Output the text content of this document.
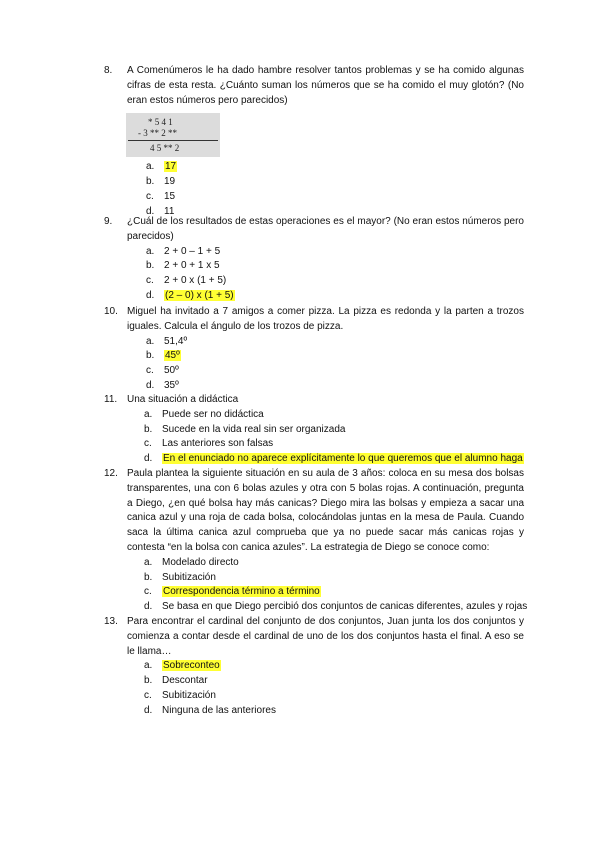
8.	A Comenúmeros le ha dado hambre resolver tantos problemas y se ha comido algunas cifras de esta resta. ¿Cuánto suman los números que se ha comido el muy glotón? (No eran estos números pero parecidos)
a. 17
b. 19
c. 15
d. 11
* 5 4 1
- 3 ** 2 **
4 5 ** 2
9.	¿Cuál de los resultados de estas operaciones es el mayor? (No eran estos números pero parecidos)
a. 2 + 0 – 1 + 5
b. 2 + 0 + 1 x 5
c. 2 + 0 x (1 + 5)
d. (2 – 0) x (1 + 5)
10. Miguel ha invitado a 7 amigos a comer pizza. La pizza es redonda y la parten a trozos iguales. Calcula el ángulo de los trozos de pizza.
a. 51,4º
b. 45º
c. 50º
d. 35º
11. Una situación a didáctica
a. Puede ser no didáctica
b. Sucede en la vida real sin ser organizada
c. Las anteriores son falsas
d. En el enunciado no aparece explícitamente lo que queremos que el alumno haga
12. Paula plantea la siguiente situación en su aula de 3 años: coloca en su mesa dos bolsas transparentes, una con 6 bolas azules y otra con 5 bolas rojas. A continuación, pregunta a Diego, ¿en qué bolsa hay más canicas? Diego mira las bolsas y empieza a sacar una canica azul y una roja de cada bolsa, colocándolas juntas en la mesa de Paula. Cuando saca la última canica azul comprueba que ya no puede sacar más canicas rojas y contesta “en la bolsa con canica azules”. La estrategia de Diego se conoce como:
a. Modelado directo
b. Subitización
c. Correspondencia término a término
d. Se basa en que Diego percibió dos conjuntos de canicas diferentes, azules y rojas
13. Para encontrar el cardinal del conjunto de dos conjuntos, Juan junta los dos conjuntos y comienza a contar desde el cardinal de uno de los dos conjuntos hasta el final. A eso se le llama…
a. Sobreconteo
b. Descontar
c. Subitización
d. Ninguna de las anteriores
